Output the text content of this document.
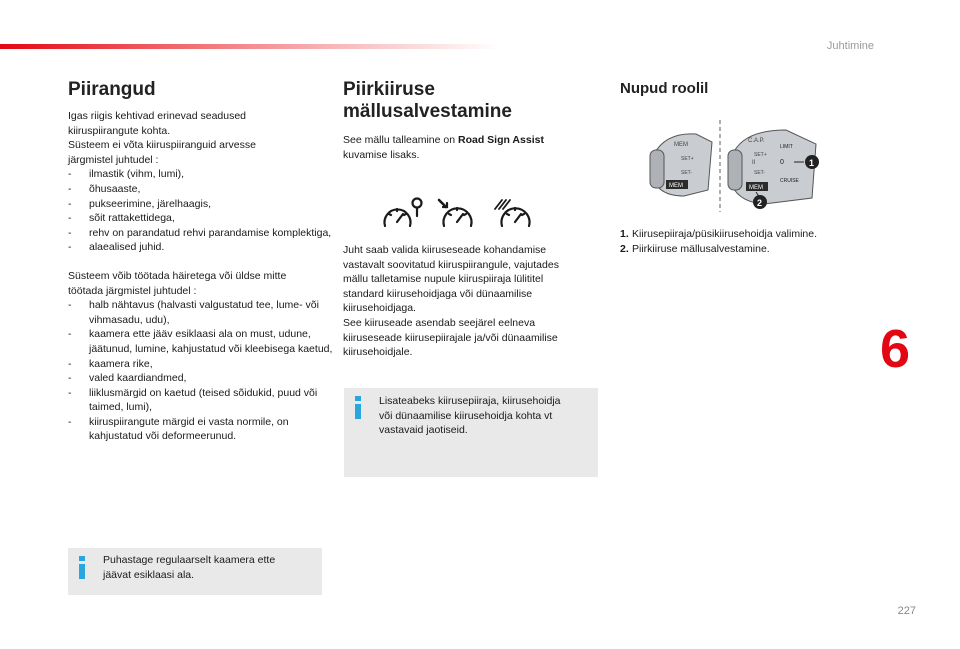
Juhtimine
6
227
Piirangud

Igas riigis kehtivad erinevad seadused

kiiruspiirangute kohta.

Süsteem ei võta kiiruspiiranguid arvesse

järgmistel juhtudel :

- ilmastik (vihm, lumi),
- õhusaaste,
- pukseerimine, järelhaagis,
- sõit rattakettidega,
- rehv on parandatud rehvi parandamise komplektiga,
- alaealised juhid.

Süsteem võib töötada häiretega või üldse mitte

töötada järgmistel juhtudel :

- halb nähtavus (halvasti valgustatud tee, lume- või vihmasadu, udu),
- kaamera ette jääv esiklaasi ala on must, udune, jäätunud, lumine, kahjustatud või kleebisega kaetud,
- kaamera rike,
- valed kaardiandmed,
- liiklusmärgid on kaetud (teised sõidukid, puud või taimed, lumi),
- kiiruspiirangute märgid ei vasta normile, on kahjustatud või deformeerunud.
Puhastage regulaarselt kaamera ette
jäävat esiklaasi ala.
Piirkiiruse
mällusalvestamine

See mällu talleamine on Road Sign Assist

kuvamise lisaks.

Juht saab valida kiiruseseade kohandamise

vastavalt soovitatud kiiruspiirangule, vajutades

mällu talletamise nupule kiiruspiiraja lülititel

standard kiirusehoidjaga või dünaamilise

kiirusehoidjaga.

See kiiruseade asendab seejärel eelneva

kiiruseseade kiirusepiirajale ja/või dünaamilise

kiirusehoidjale.

Lisateabeks kiirusepiiraja, kiirusehoidja
või dünaamilise kiirusehoidja kohta vt
vastavaid jaotiseid.
Nupud roolil
MEM
SET+
SET-
MEM
C.A.P.
LIMIT
0
II
SET+
SET-
CRUISE
MEM
1
2
1. Kiirusepiiraja/püsikiirusehoidja valimine.
2. Piirkiiruse mällusalvestamine.
